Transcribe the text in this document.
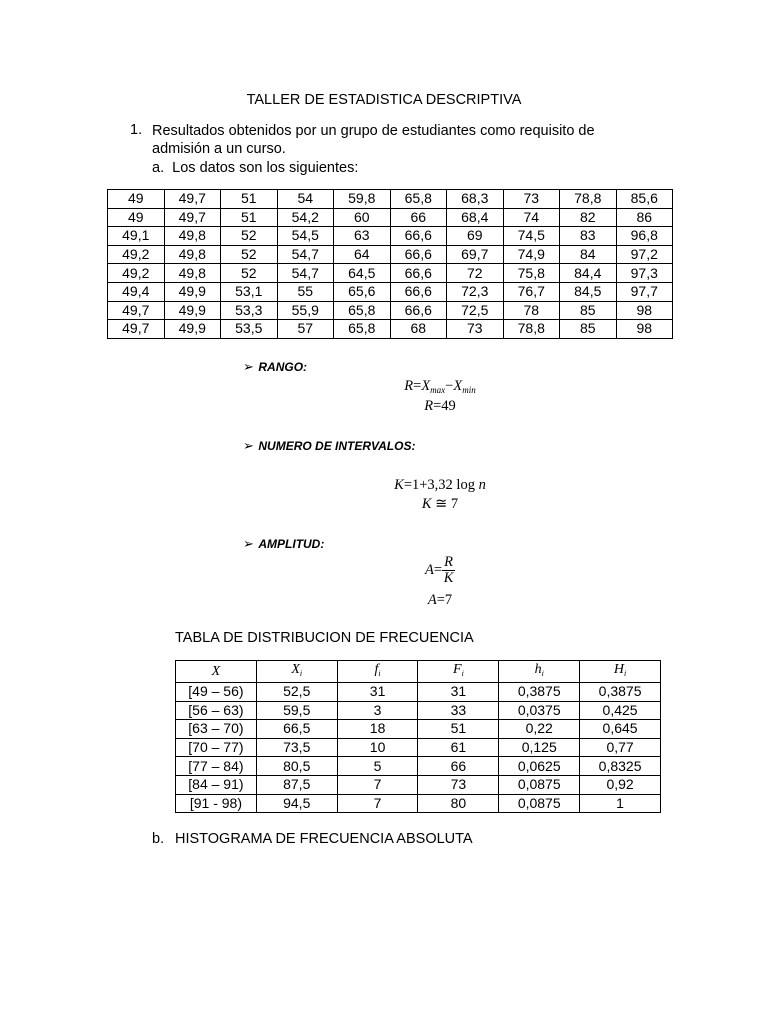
TALLER DE ESTADISTICA DESCRIPTIVA
1. Resultados obtenidos por un grupo de estudiantes como requisito de admisión a un curso.
a. Los datos son los siguientes:
49	49,7	51	54	59,8	65,8	68,3	73	78,8	85,6
49	49,7	51	54,2	60	66	68,4	74	82	86
49,1	49,8	52	54,5	63	66,6	69	74,5	83	96,8
49,2	49,8	52	54,7	64	66,6	69,7	74,9	84	97,2
49,2	49,8	52	54,7	64,5	66,6	72	75,8	84,4	97,3
49,4	49,9	53,1	55	65,6	66,6	72,3	76,7	84,5	97,7
49,7	49,9	53,3	55,9	65,8	66,6	72,5	78	85	98
49,7	49,9	53,5	57	65,8	68	73	78,8	85	98
➢ RANGO:
$R=X_{max}-X_{min}$
R=49
➢ NUMERO DE INTERVALOS:
K=1+3,32 log n
K ≅ 7
➢ AMPLITUD:
$A= \frac{R}{K}$
A=7
TABLA DE DISTRIBUCION DE FRECUENCIA
X	$X_i$	$f_i$	$F_i$	$h_i$	$H_i$
[49 – 56)	52,5	31	31	0,3875	0,3875
[56 – 63)	59,5	3	33	0,0375	0,425
[63 – 70)	66,5	18	51	0,22	0,645
[70 – 77)	73,5	10	61	0,125	0,77
[77 – 84)	80,5	5	66	0,0625	0,8325
[84 – 91)	87,5	7	73	0,0875	0,92
[91 - 98)	94,5	7	80	0,0875	1
b. HISTOGRAMA DE FRECUENCIA ABSOLUTA
